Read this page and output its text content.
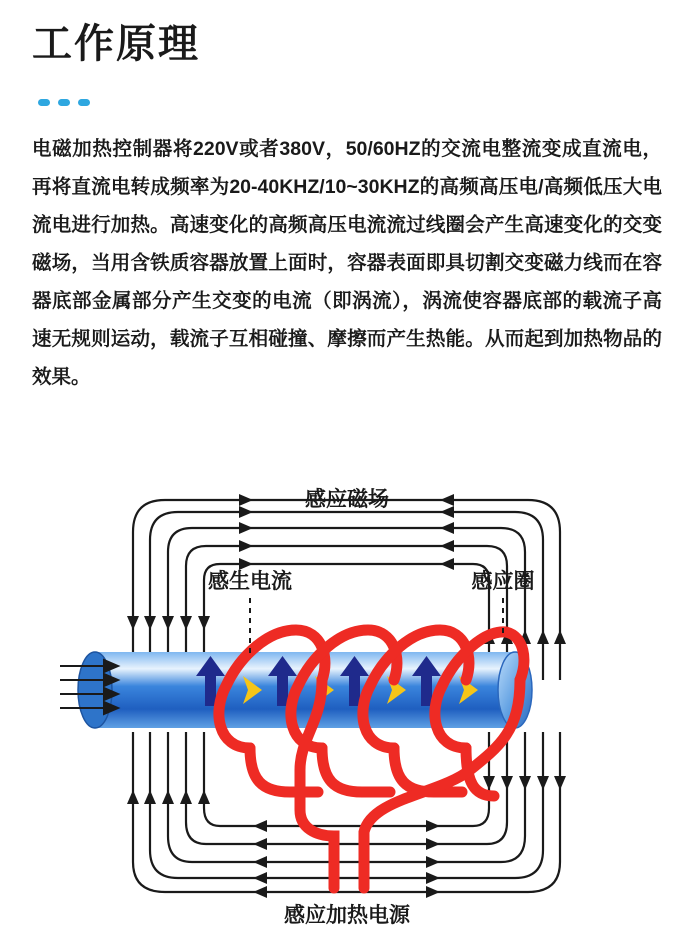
工作原理
电磁加热控制器将220V或者380V，50/60HZ的交流电整流变成直流电，再将直流电转成频率为20-40KHZ/10~30KHZ的高频高压电/高频低压大电流电进行加热。高速变化的高频高压电流流过线圈会产生高速变化的交变磁场，当用含铁质容器放置上面时，容器表面即具切割交变磁力线而在容器底部金属部分产生交变的电流（即涡流），涡流使容器底部的载流子高速无规则运动，载流子互相碰撞、摩擦而产生热能。从而起到加热物品的效果。
感应磁场
感生电流	感应圈
感应加热电源
